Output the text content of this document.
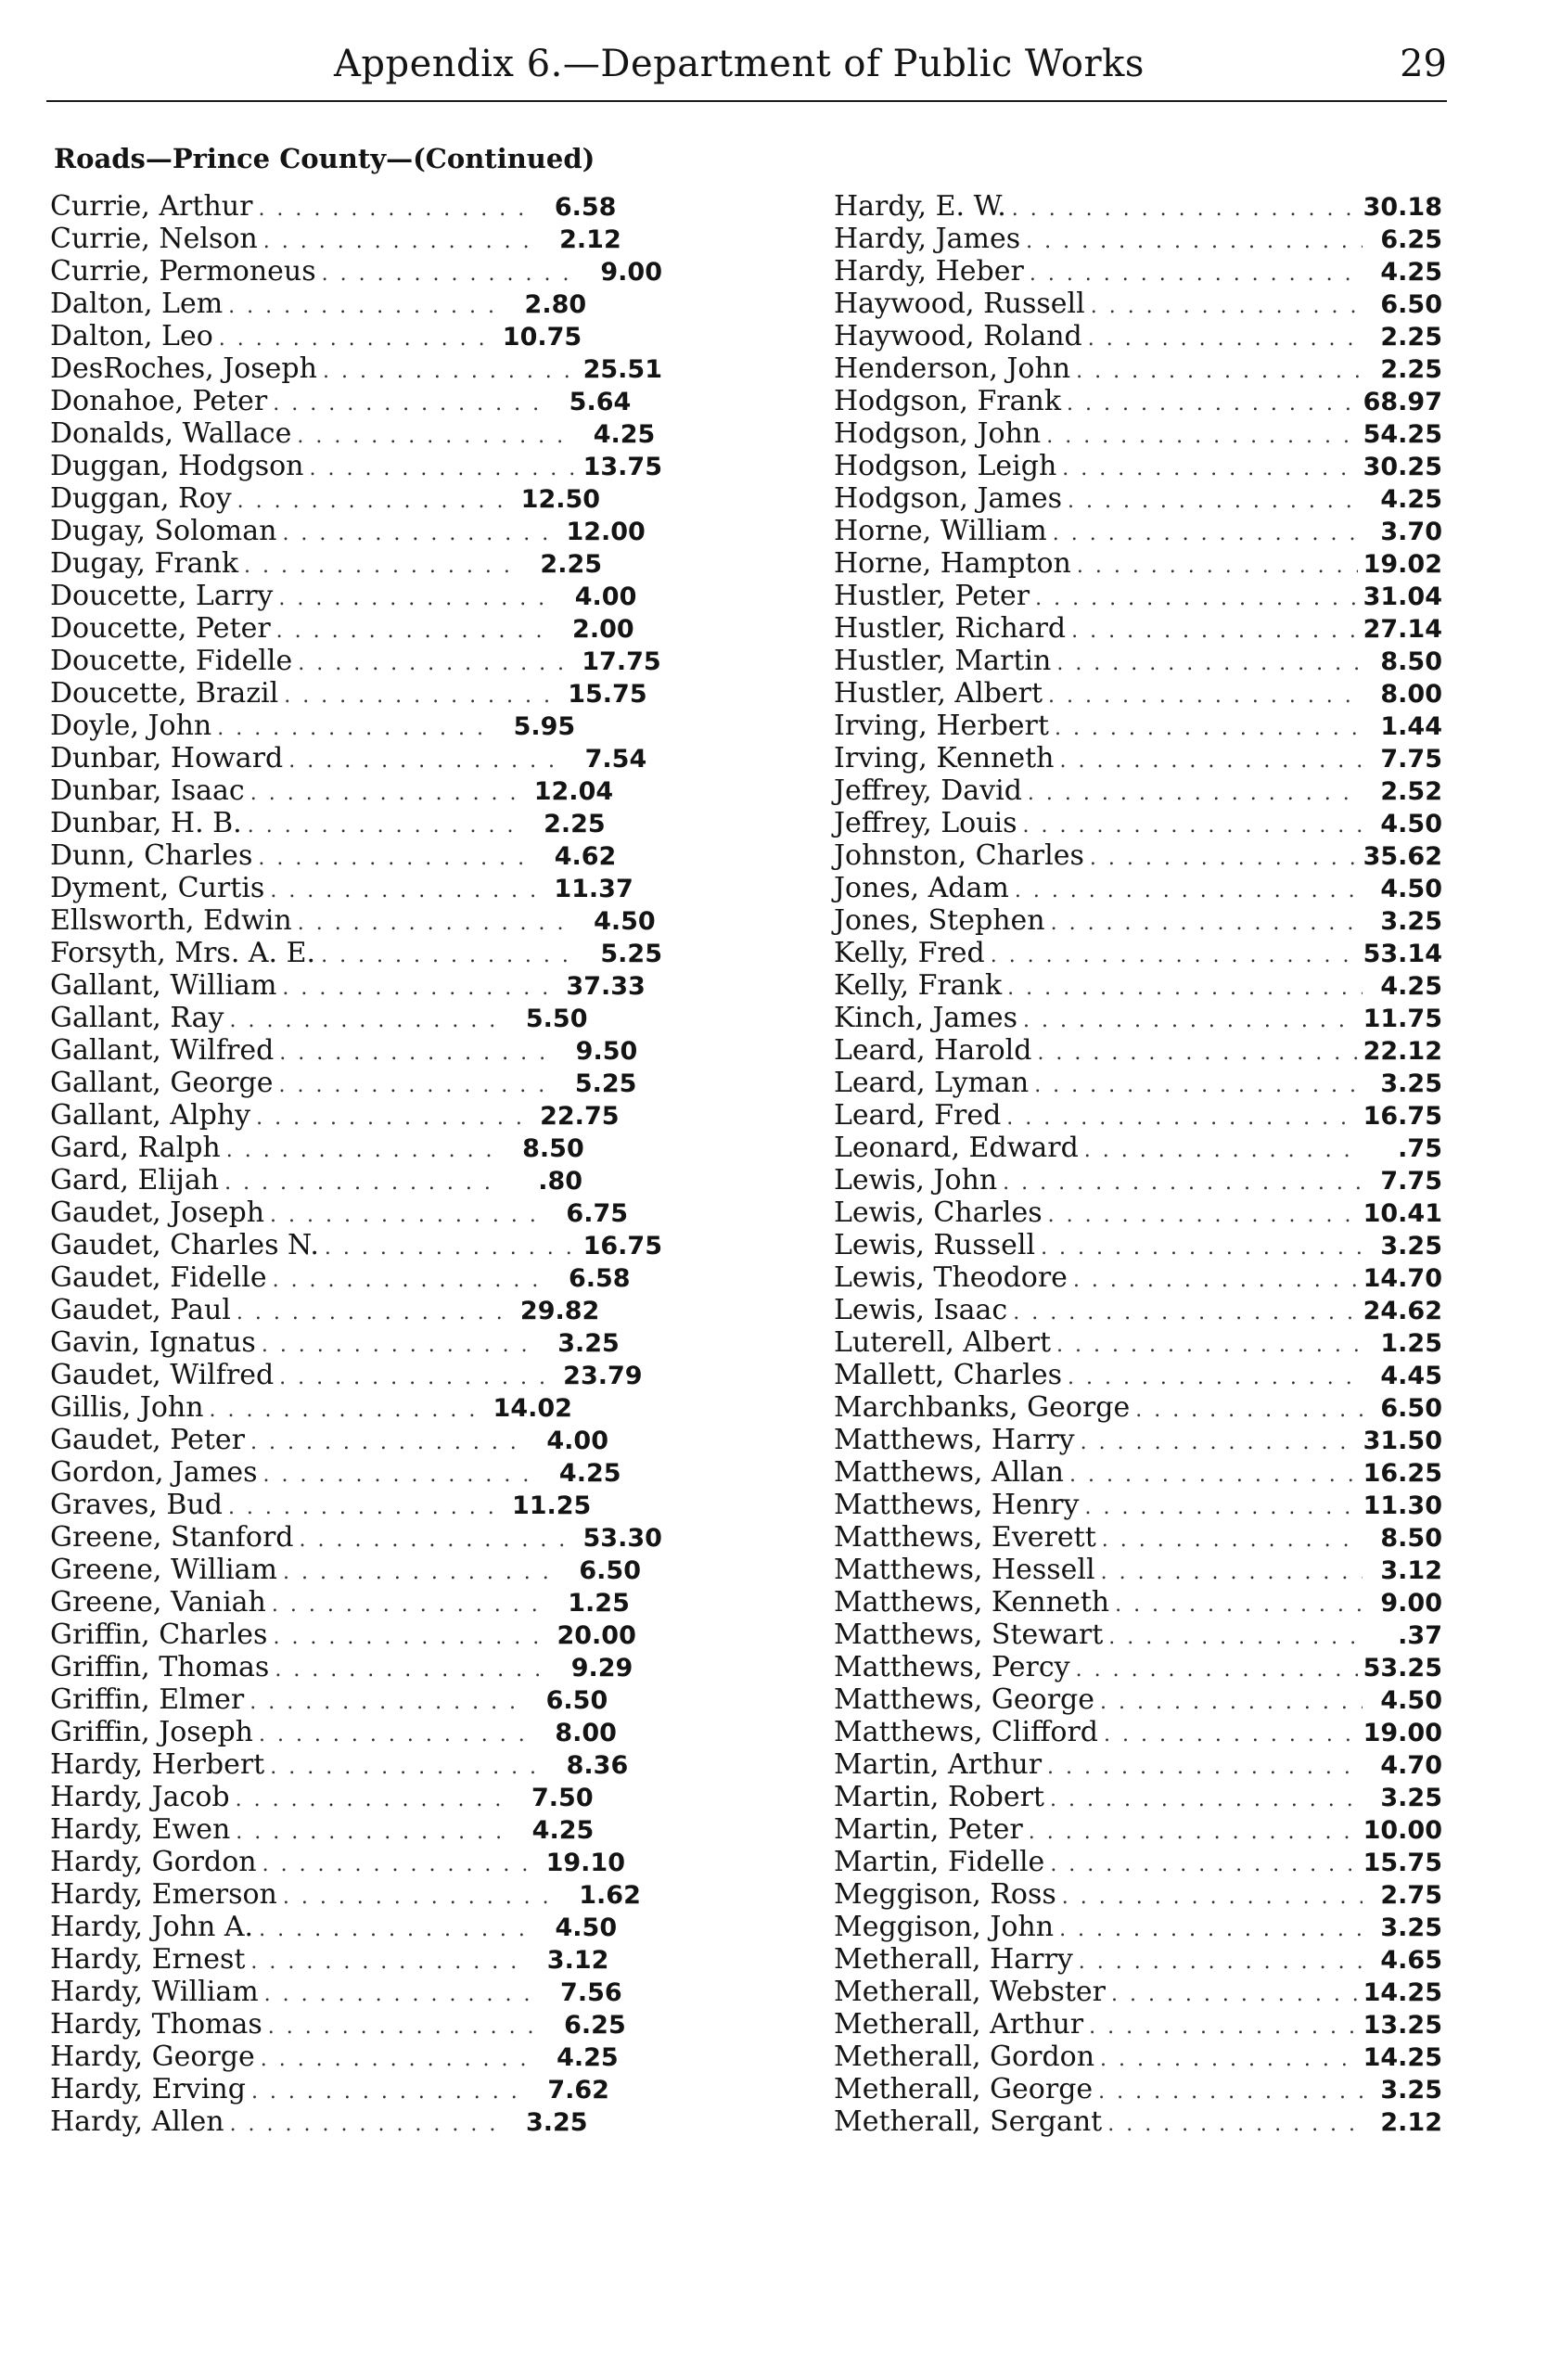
Appendix 6.—Department of Public Works	29
Roads—Prince County—(Continued)
Currie, Arthur . . .	6.58
Currie, Nelson . . .	2.12
Currie, Permoneus . . .	9.00
Dalton, Lem . . .	2.80
Dalton, Leo . . .	10.75
DesRoches, Joseph . . .	25.51
Donahoe, Peter . . .	5.64
Donalds, Wallace . . .	4.25
Duggan, Hodgson . . .	13.75
Duggan, Roy . . .	12.50
Dugay, Soloman . . .	12.00
Dugay, Frank . . .	2.25
Doucette, Larry . . .	4.00
Doucette, Peter . . .	2.00
Doucette, Fidelle . . .	17.75
Doucette, Brazil . . .	15.75
Doyle, John . . .	5.95
Dunbar, Howard . . .	7.54
Dunbar, Isaac . . .	12.04
Dunbar, H. B. . . .	2.25
Dunn, Charles . . .	4.62
Dyment, Curtis . . .	11.37
Ellsworth, Edwin . . .	4.50
Forsyth, Mrs. A. E. . . .	5.25
Gallant, William . . .	37.33
Gallant, Ray . . .	5.50
Gallant, Wilfred . . .	9.50
Gallant, George . . .	5.25
Gallant, Alphy . . .	22.75
Gard, Ralph . . .	8.50
Gard, Elijah . . .	.80
Gaudet, Joseph . . .	6.75
Gaudet, Charles N. . . .	16.75
Gaudet, Fidelle . . .	6.58
Gaudet, Paul . . .	29.82
Gavin, Ignatus . . .	3.25
Gaudet, Wilfred . . .	23.79
Gillis, John . . .	14.02
Gaudet, Peter . . .	4.00
Gordon, James . . .	4.25
Graves, Bud . . .	11.25
Greene, Stanford . . .	53.30
Greene, William . . .	6.50
Greene, Vaniah . . .	1.25
Griffin, Charles . . .	20.00
Griffin, Thomas . . .	9.29
Griffin, Elmer . . .	6.50
Griffin, Joseph . . .	8.00
Hardy, Herbert . . .	8.36
Hardy, Jacob . . .	7.50
Hardy, Ewen . . .	4.25
Hardy, Gordon . . .	19.10
Hardy, Emerson . . .	1.62
Hardy, John A. . . .	4.50
Hardy, Ernest . . .	3.12
Hardy, William . . .	7.56
Hardy, Thomas . . .	6.25
Hardy, George . . .	4.25
Hardy, Erving . . .	7.62
Hardy, Allen . . .	3.25
Hardy, E. W. . . .	30.18
Hardy, James . . .	6.25
Hardy, Heber . . .	4.25
Haywood, Russell . . .	6.50
Haywood, Roland . . .	2.25
Henderson, John . . .	2.25
Hodgson, Frank . . .	68.97
Hodgson, John . . .	54.25
Hodgson, Leigh . . .	30.25
Hodgson, James . . .	4.25
Horne, William . . .	3.70
Horne, Hampton . . .	19.02
Hustler, Peter . . .	31.04
Hustler, Richard . . .	27.14
Hustler, Martin . . .	8.50
Hustler, Albert . . .	8.00
Irving, Herbert . . .	1.44
Irving, Kenneth . . .	7.75
Jeffrey, David . . .	2.52
Jeffrey, Louis . . .	4.50
Johnston, Charles . . .	35.62
Jones, Adam . . .	4.50
Jones, Stephen . . .	3.25
Kelly, Fred . . .	53.14
Kelly, Frank . . .	4.25
Kinch, James . . .	11.75
Leard, Harold . . .	22.12
Leard, Lyman . . .	3.25
Leard, Fred . . .	16.75
Leonard, Edward . . .	.75
Lewis, John . . .	7.75
Lewis, Charles . . .	10.41
Lewis, Russell . . .	3.25
Lewis, Theodore . . .	14.70
Lewis, Isaac . . .	24.62
Luterell, Albert . . .	1.25
Mallett, Charles . . .	4.45
Marchbanks, George . . .	6.50
Matthews, Harry . . .	31.50
Matthews, Allan . . .	16.25
Matthews, Henry . . .	11.30
Matthews, Everett . . .	8.50
Matthews, Hessell . . .	3.12
Matthews, Kenneth . . .	9.00
Matthews, Stewart . . .	.37
Matthews, Percy . . .	53.25
Matthews, George . . .	4.50
Matthews, Clifford . . .	19.00
Martin, Arthur . . .	4.70
Martin, Robert . . .	3.25
Martin, Peter . . .	10.00
Martin, Fidelle . . .	15.75
Meggison, Ross . . .	2.75
Meggison, John . . .	3.25
Metherall, Harry . . .	4.65
Metherall, Webster . . .	14.25
Metherall, Arthur . . .	13.25
Metherall, Gordon . . .	14.25
Metherall, George . . .	3.25
Metherall, Sergant . . .	2.12
